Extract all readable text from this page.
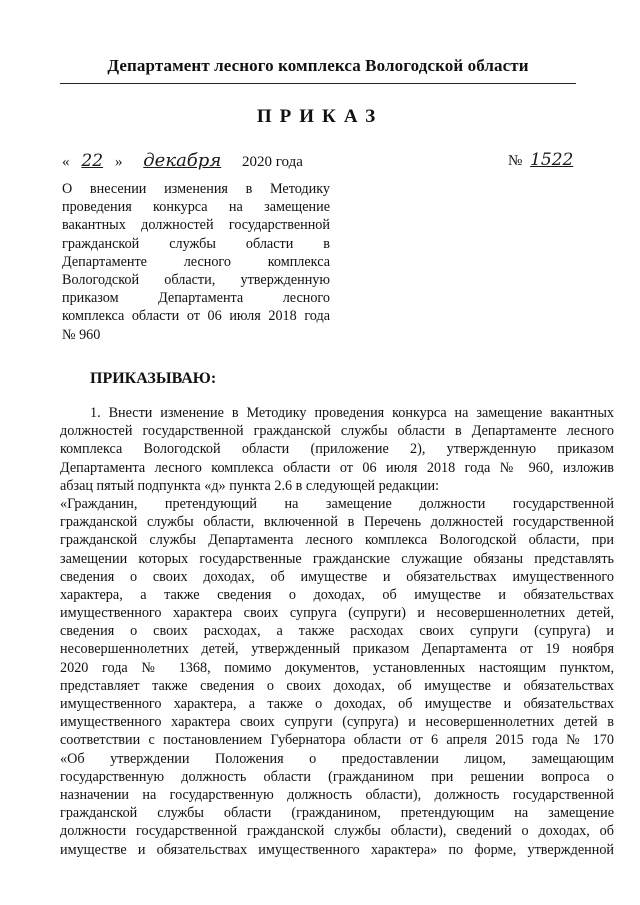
Департамент лесного комплекса Вологодской области
ПРИКАЗ
« 22 » декабря 2020 года	№ 1522
О внесении изменения в Методику
проведения конкурса на замещение
вакантных должностей государственной
гражданской службы области в
Департаменте лесного комплекса
Вологодской области, утвержденную
приказом Департамента лесного
комплекса области от 06 июля 2018 года
№ 960
ПРИКАЗЫВАЮ:
1. Внести изменение в Методику проведения конкурса на замещение вакантных
должностей государственной гражданской службы области в Департаменте лесного
комплекса Вологодской области (приложение 2), утвержденную приказом
Департамента лесного комплекса области от 06 июля 2018 года № 960, изложив
абзац пятый подпункта «д» пункта 2.6 в следующей редакции:
«Гражданин, претендующий на замещение должности государственной
гражданской службы области, включенной в Перечень должностей государственной
гражданской службы Департамента лесного комплекса Вологодской области, при
замещении которых государственные гражданские служащие обязаны представлять
сведения о своих доходах, об имуществе и обязательствах имущественного
характера, а также сведения о доходах, об имуществе и обязательствах
имущественного характера своих супруга (супруги) и несовершеннолетних детей,
сведения о своих расходах, а также расходах своих супруги (супруга) и
несовершеннолетних детей, утвержденный приказом Департамента от 19 ноября
2020 года № 1368, помимо документов, установленных настоящим пунктом,
представляет также сведения о своих доходах, об имуществе и обязательствах
имущественного характера, а также о доходах, об имуществе и обязательствах
имущественного характера своих супруги (супруга) и несовершеннолетних детей в
соответствии с постановлением Губернатора области от 6 апреля 2015 года № 170
«Об утверждении Положения о предоставлении лицом, замещающим
государственную должность области (гражданином при решении вопроса о
назначении на государственную должность области), должность государственной
гражданской службы области (гражданином, претендующим на замещение
должности государственной гражданской службы области), сведений о доходах, об
имуществе и обязательствах имущественного характера» по форме, утвержденной
